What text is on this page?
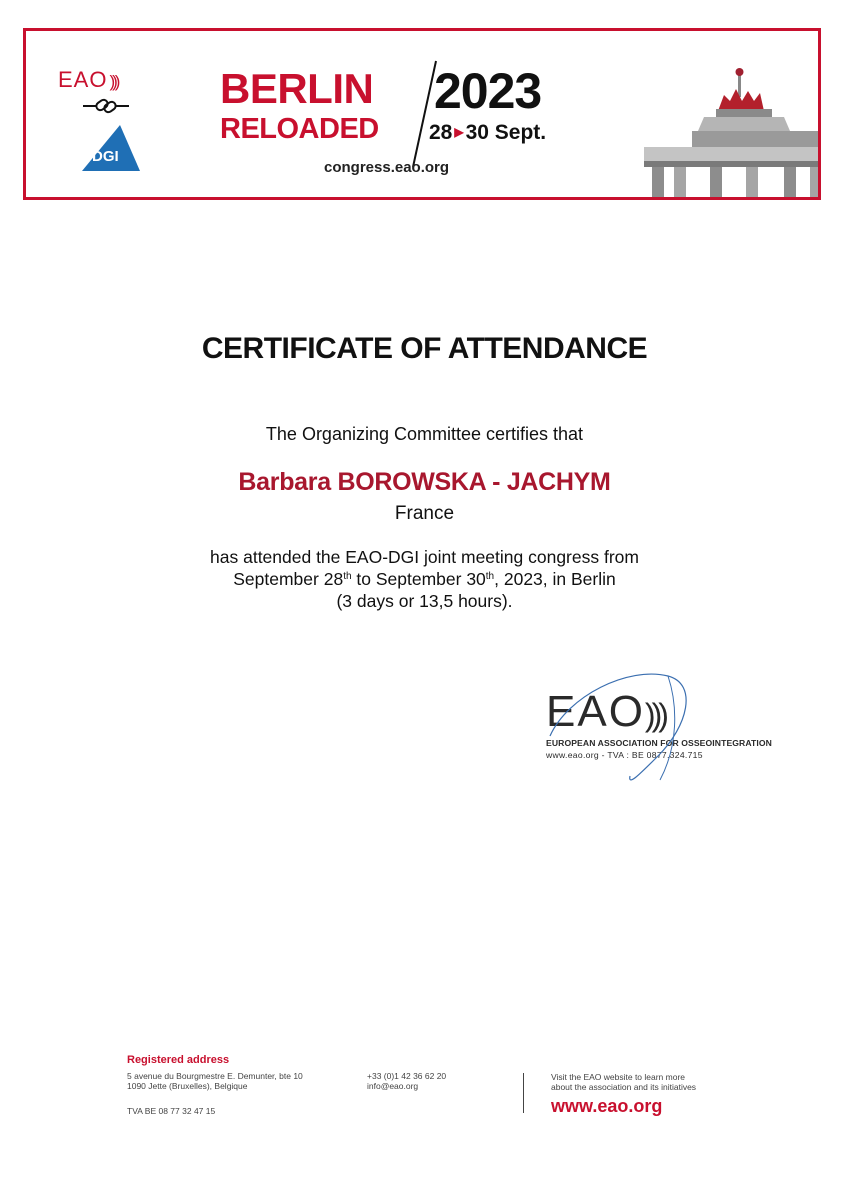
EAO )))
DGI
BERLIN
RELOADED
2023
28 ▶30 Sept.
congress.eao.org
CERTIFICATE OF ATTENDANCE
The Organizing Committee certifies that
Barbara BOROWSKA - JACHYM
France
has attended the EAO-DGI joint meeting congress from
September 28th to September 30th, 2023, in Berlin
(3 days or 13,5 hours).
EAO)))
EUROPEAN ASSOCIATION FOR OSSEOINTEGRATION
www.eao.org - TVA : BE 0877.324.715
Registered address
5 avenue du Bourgmestre E. Demunter, bte 10
1090 Jette (Bruxelles), Belgique
TVA BE 08 77 32 47 15
+33 (0)1 42 36 62 20
info@eao.org
Visit the EAO website to learn more
about the association and its initiatives
www.eao.org
